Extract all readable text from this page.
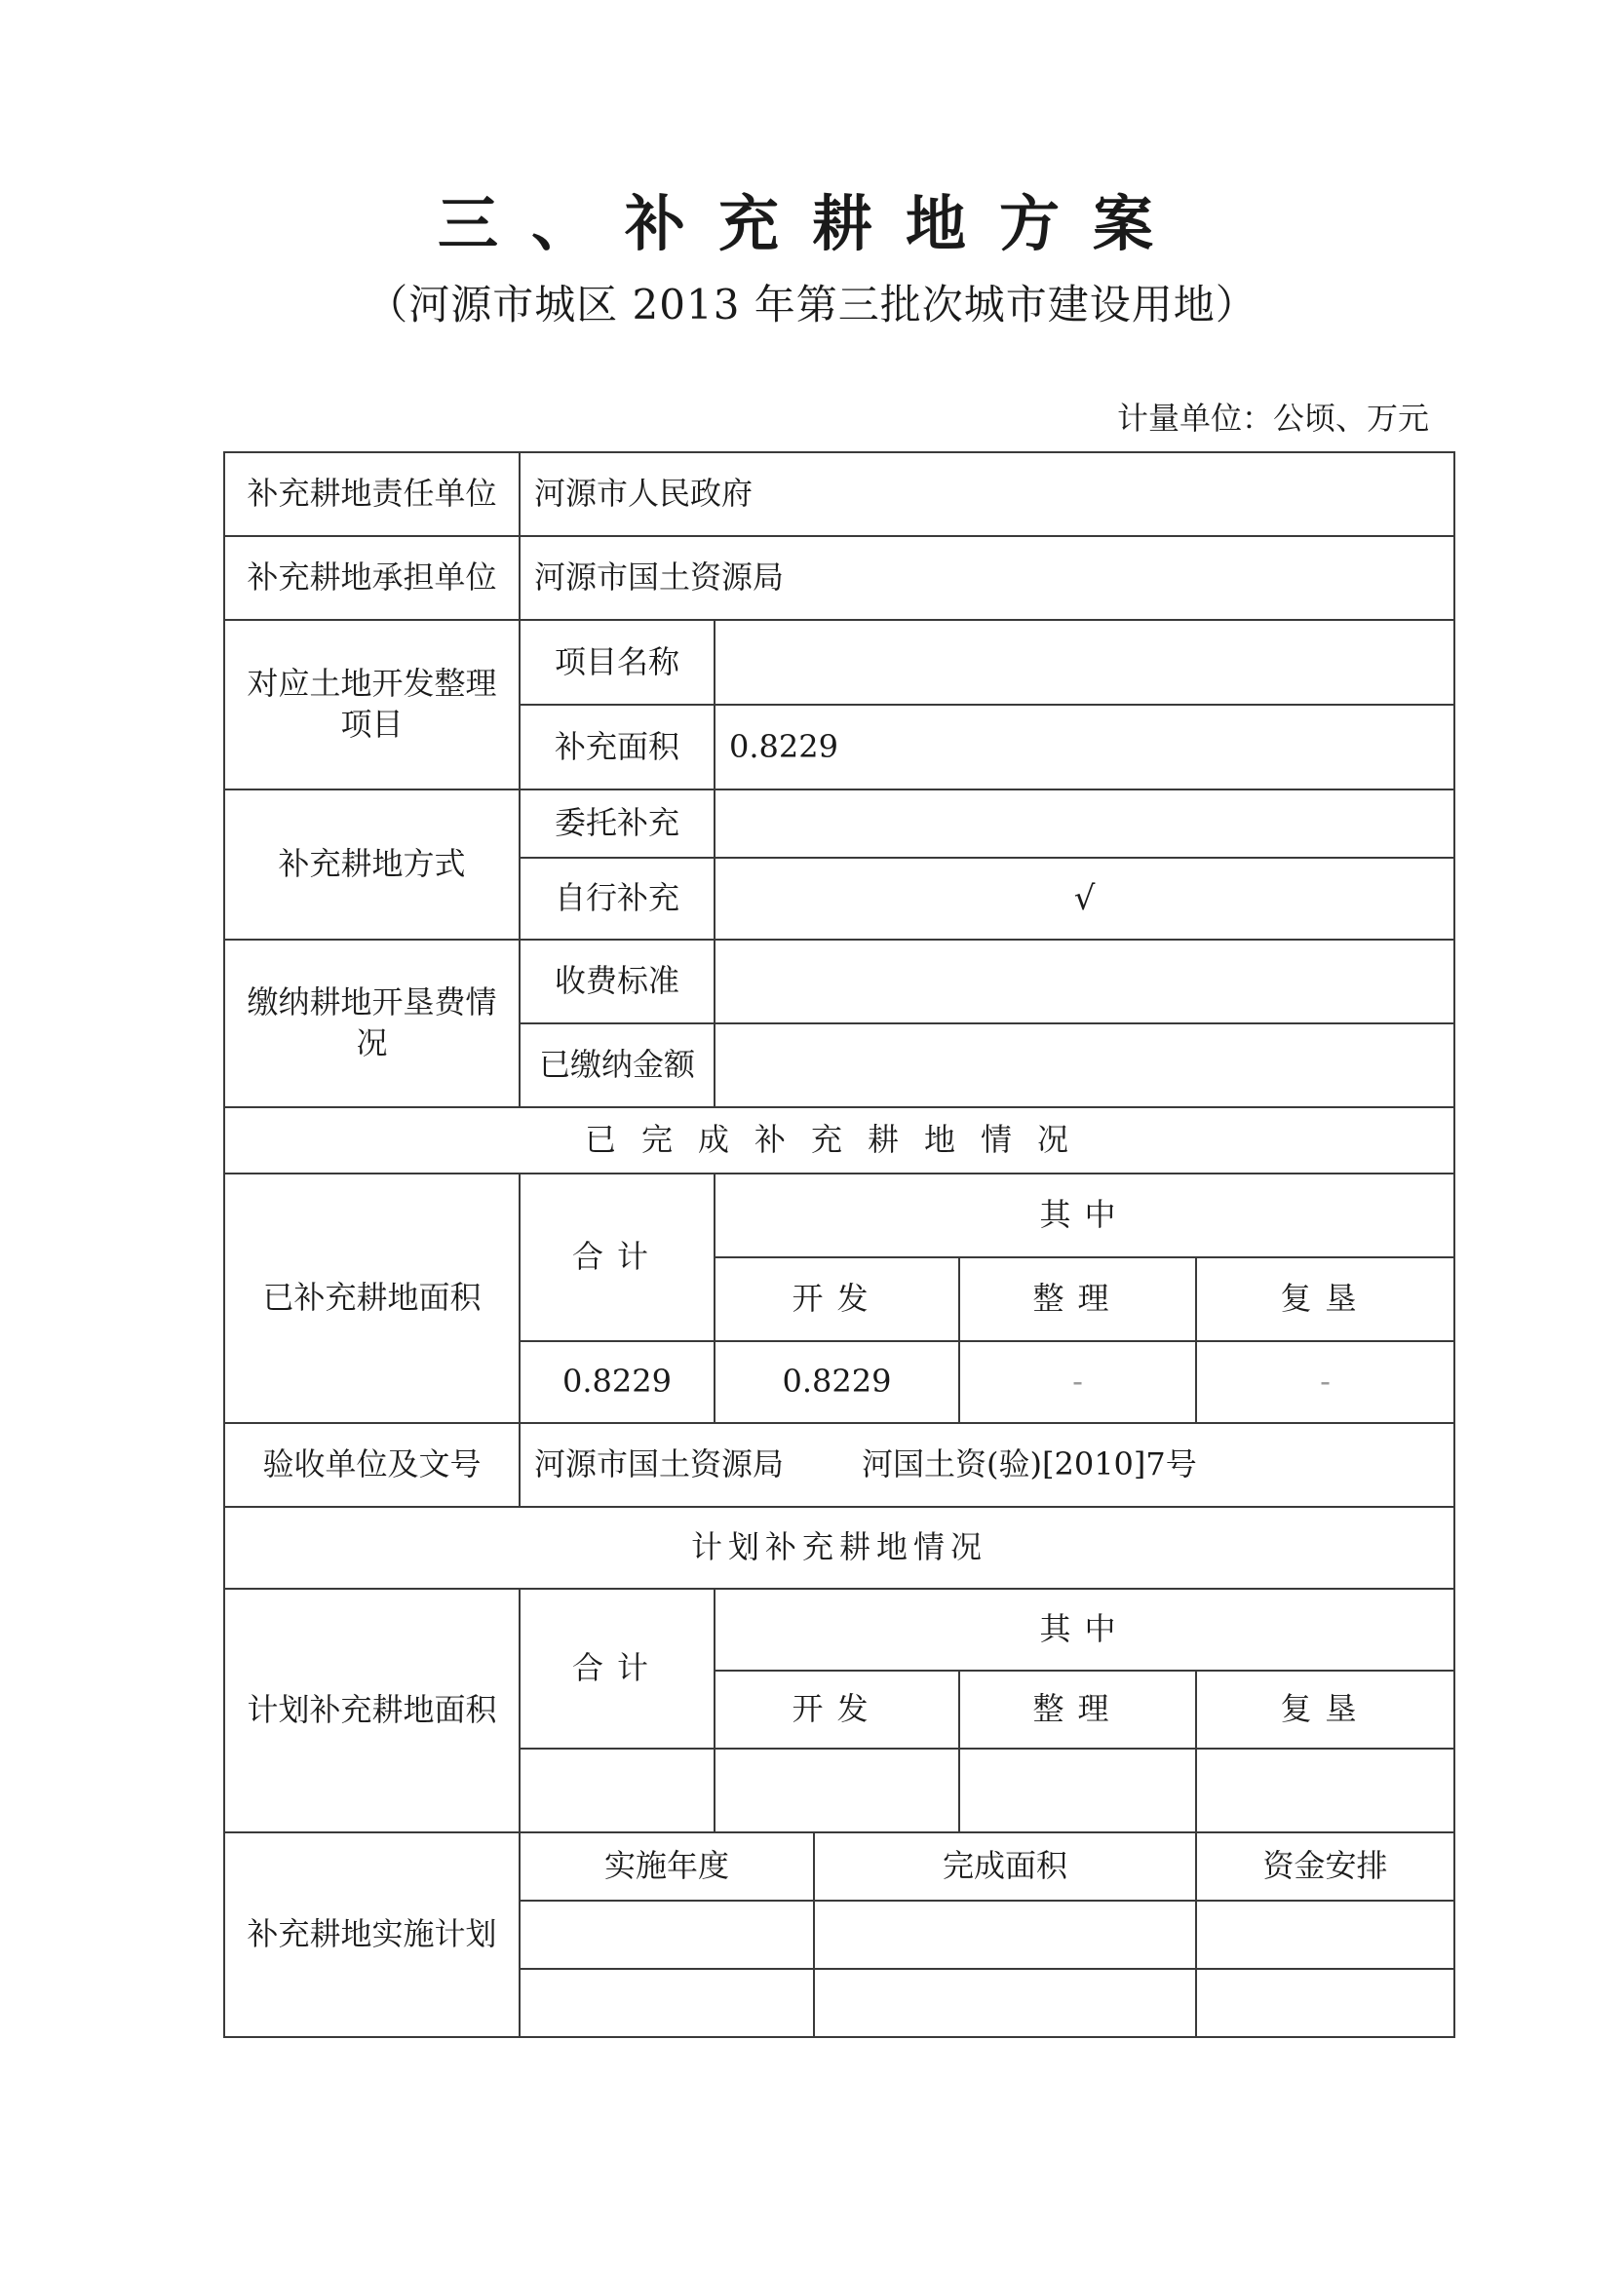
三、补充耕地方案

（河源市城区 2013 年第三批次城市建设用地）

计量单位：公顷、万元

补充耕地责任单位	河源市人民政府				
补充耕地承担单位	河源市国土资源局				
对应土地开发整理项目	项目名称				
	补充面积	0.8229			
补充耕地方式	委托补充				
	自行补充	√			
缴纳耕地开垦费情况	收费标准				
	已缴纳金额				
已完成补充耕地情况					
已补充耕地面积	合计	其中			
		开发		整理	复垦
	0.8229	0.8229		-	-
验收单位及文号	河源市国土资源局 河国土资(验)[2010]7号				
计划补充耕地情况					
计划补充耕地面积	合计	其中			
		开发		整理	复垦

补充耕地实施计划	实施年度		完成面积		资金安排
